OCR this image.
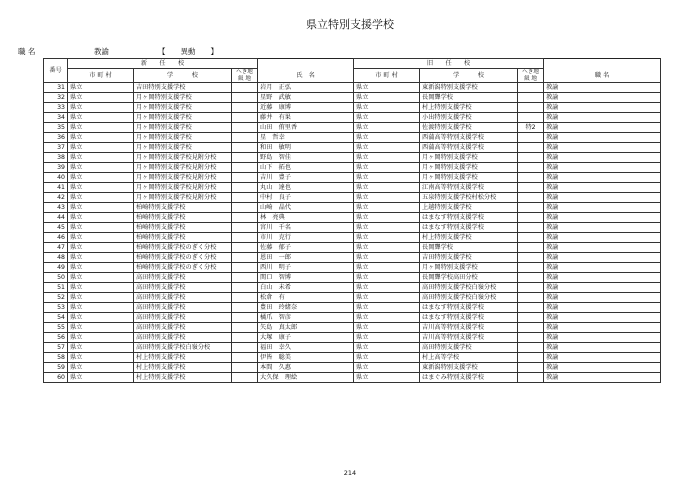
県立特別支援学校
職 名	教諭	【　　異動　　】
番号	新　　任　　校				旧　　任　　校			
	市 町 村	学　　　校	へき地級 地	氏　名	市 町 村	学　　　校	へき地級 地	職 名
31	県立	吉田特別支援学校		岩月　正弘	県立	東新潟特別支援学校		教諭
32	県立	月ヶ岡特別支援学校		星野　武敏	県立	長岡聾学校		教諭
33	県立	月ヶ岡特別支援学校		近藤　康博	県立	村上特別支援学校		教諭
34	県立	月ヶ岡特別支援学校		藤井　有果	県立	小出特別支援学校		教諭
35	県立	月ヶ岡特別支援学校		山田　侑里香	県立	佐渡特別支援学校	特2	教諭
36	県立	月ヶ岡特別支援学校		星　哲幸	県立	西蒲高等特別支援学校		教諭
37	県立	月ヶ岡特別支援学校		和田　敏明	県立	西蒲高等特別支援学校		教諭
38	県立	月ヶ岡特別支援学校見附分校		野島　智佳	県立	月ヶ岡特別支援学校		教諭
39	県立	月ヶ岡特別支援学校見附分校		山下　拓也	県立	月ヶ岡特別支援学校		教諭
40	県立	月ヶ岡特別支援学校見附分校		吉川　豊子	県立	月ヶ岡特別支援学校		教諭
41	県立	月ヶ岡特別支援学校見附分校		丸山　達也	県立	江南高等特別支援学校		教諭
42	県立	月ヶ岡特別支援学校見附分校		中村　良子	県立	五泉特別支援学校村松分校		教諭
43	県立	柏崎特別支援学校		山崎　晶代	県立	上越特別支援学校		教諭
44	県立	柏崎特別支援学校		林　亮典	県立	はまなす特別支援学校		教諭
45	県立	柏崎特別支援学校		宮川　千名	県立	はまなす特別支援学校		教諭
46	県立	柏崎特別支援学校		市川　克行	県立	村上特別支援学校		教諭
47	県立	柏崎特別支援学校のぎく分校		佐藤　郁子	県立	長岡聾学校		教諭
48	県立	柏崎特別支援学校のぎく分校		恩田　一郎	県立	吉田特別支援学校		教諭
49	県立	柏崎特別支援学校のぎく分校		西川　明子	県立	月ヶ岡特別支援学校		教諭
50	県立	高田特別支援学校		関口　智博	県立	長岡聾学校高田分校		教諭
51	県立	高田特別支援学校		白山　未希	県立	高田特別支援学校白嶺分校		教諭
52	県立	高田特別支援学校		松倉　有	県立	高田特別支援学校白嶺分校		教諭
53	県立	高田特別支援学校		豊田　玲緒奈	県立	はまなす特別支援学校		教諭
54	県立	高田特別支援学校		橘爪　智彦	県立	はまなす特別支援学校		教諭
55	県立	高田特別支援学校		矢島　真太郎	県立	吉川高等特別支援学校		教諭
56	県立	高田特別支援学校		大塚　康子	県立	吉川高等特別支援学校		教諭
57	県立	高田特別支援学校白嶺分校		福田　幸久	県立	高田特別支援学校		教諭
58	県立	村上特別支援学校		伊皆　聡美	県立	村上高等学校		教諭
59	県立	村上特別支援学校		本間　久惠	県立	東新潟特別支援学校		教諭
60	県立	村上特別支援学校		大久保　理絵	県立	はまぐみ特別支援学校		教諭
214
